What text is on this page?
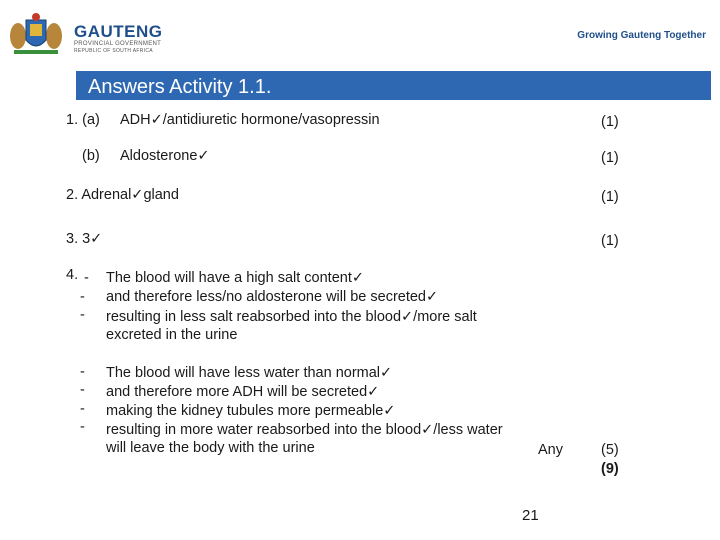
GAUTENG
PROVINCIAL GOVERNMENT
REPUBLIC OF SOUTH AFRICA
Growing Gauteng Together
Answers Activity 1.1.
1. (a) ADH✓/antidiuretic hormone/vasopressin	(1)
(b) Aldosterone✓	(1)
2. Adrenal✓gland	(1)
3. 3✓	(1)
4. -
-
-
The blood will have a high salt content✓
and therefore less/no aldosterone will be secreted✓
resulting in less salt reabsorbed into the blood✓/more salt
excreted in the urine
-
-
-
-
The blood will have less water than normal✓
and therefore more ADH will be secreted✓
making the kidney tubules more permeable✓
resulting in more water reabsorbed into the blood✓/less water
will leave the body with the urine	Any	(5)
(9)
21
